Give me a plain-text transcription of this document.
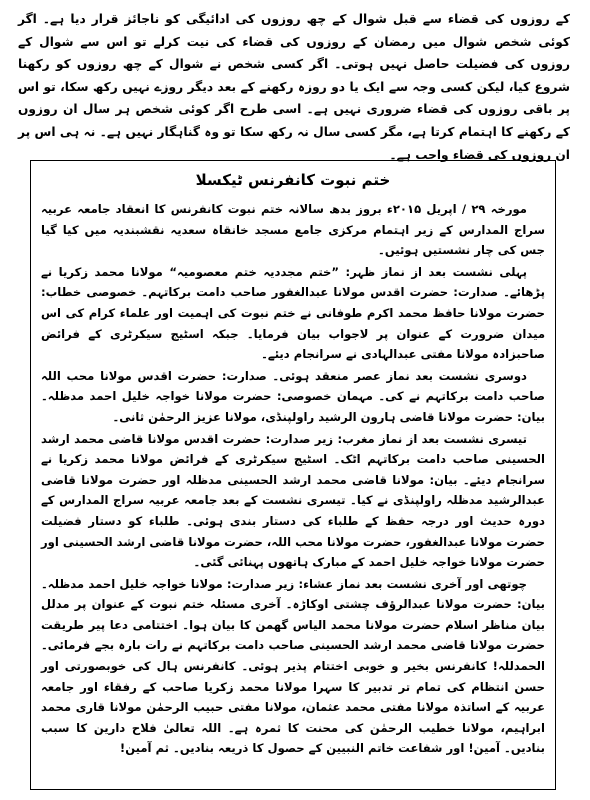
کے روزوں کی قضاء سے قبل شوال کے چھ روزوں کی ادائیگی کو ناجائز قرار دیا ہے۔ اگر کوئی شخص شوال میں رمضان کے روزوں کی قضاء کی نیت کرلے تو اس سے شوال کے روزوں کی فضیلت حاصل نہیں ہوتی۔ اگر کسی شخص نے شوال کے چھ روزوں کو رکھنا شروع کیا، لیکن کسی وجہ سے ایک یا دو روزہ رکھنے کے بعد دیگر روزے نہیں رکھ سکا، تو اس پر باقی روزوں کی قضاء ضروری نہیں ہے۔ اسی طرح اگر کوئی شخص ہر سال ان روزوں کے رکھنے کا اہتمام کرتا ہے، مگر کسی سال نہ رکھ سکا تو وہ گناہگار نہیں ہے۔ نہ ہی اس پر ان روزوں کی قضاء واجب ہے۔

ختم نبوت کانفرنس ٹیکسلا

مورخہ ۲۹ / اپریل ۲۰۱۵ء بروز بدھ سالانہ ختم نبوت کانفرنس کا انعقاد جامعہ عربیہ سراج المدارس کے زیر اہتمام مرکزی جامع مسجد خانقاہ سعدیہ نقشبندیہ میں کیا گیا جس کی چار نشستیں ہوئیں۔

پہلی نشست بعد از نماز ظہر: ”ختم مجددیہ ختم معصومیہ“ مولانا محمد زکریا نے پڑھائے۔ صدارت: حضرت اقدس مولانا عبدالغفور صاحب دامت برکاتہم۔ خصوصی خطاب: حضرت مولانا حافظ محمد اکرم طوفانی نے ختم نبوت کی اہمیت اور علماء کرام کی اس میدان ضرورت کے عنوان پر لاجواب بیان فرمایا۔ جبکہ اسٹیج سیکرٹری کے فرائض صاحبزادہ مولانا مفتی عبدالہادی نے سرانجام دیئے۔

دوسری نشست بعد نماز عصر منعقد ہوئی۔ صدارت: حضرت اقدس مولانا محب اللہ صاحب دامت برکاتہم نے کی۔ مہمان خصوصی: حضرت مولانا خواجہ خلیل احمد مدظلہ۔ بیان: حضرت مولانا قاضی ہارون الرشید راولپنڈی، مولانا عزیز الرحمٰن ثانی۔

تیسری نشست بعد از نماز مغرب: زیر صدارت: حضرت اقدس مولانا قاضی محمد ارشد الحسینی صاحب دامت برکاتہم اٹک۔ اسٹیج سیکرٹری کے فرائض مولانا محمد زکریا نے سرانجام دیئے۔ بیان: مولانا قاضی محمد ارشد الحسینی مدظلہ اور حضرت مولانا قاضی عبدالرشید مدظلہ راولپنڈی نے کیا۔ تیسری نشست کے بعد جامعہ عربیہ سراج المدارس کے دورہ حدیث اور درجہ حفظ کے طلباء کی دستار بندی ہوئی۔ طلباء کو دستار فضیلت حضرت مولانا عبدالغفور، حضرت مولانا محب اللہ، حضرت مولانا قاضی ارشد الحسینی اور حضرت مولانا خواجہ خلیل احمد کے مبارک ہاتھوں پہنائی گئی۔

چوتھی اور آخری نشست بعد نماز عشاء: زیر صدارت: مولانا خواجہ خلیل احمد مدظلہ۔ بیان: حضرت مولانا عبدالرؤف چشتی اوکاڑہ۔ آخری مسئلہ ختم نبوت کے عنوان پر مدلل بیان مناظر اسلام حضرت مولانا محمد الیاس گھمن کا بیان ہوا۔ اختتامی دعا پیر طریقت حضرت مولانا قاضی محمد ارشد الحسینی صاحب دامت برکاتہم نے رات بارہ بجے فرمائی۔ الحمدللہ! کانفرنس بخیر و خوبی اختتام پذیر ہوئی۔ کانفرنس ہال کی خوبصورتی اور حسن انتظام کی تمام تر تدبیر کا سہرا مولانا محمد زکریا صاحب کے رفقاء اور جامعہ عربیہ کے اساتذہ مولانا مفتی محمد عثمان، مولانا مفتی حبیب الرحمٰن مولانا قاری محمد ابراہیم، مولانا خطیب الرحمٰن کی محنت کا ثمرہ ہے۔ اللہ تعالیٰ فلاح دارین کا سبب بنادیں۔ آمین! اور شفاعت خاتم النبیین کے حصول کا ذریعہ بنادیں۔ ثم آمین!
